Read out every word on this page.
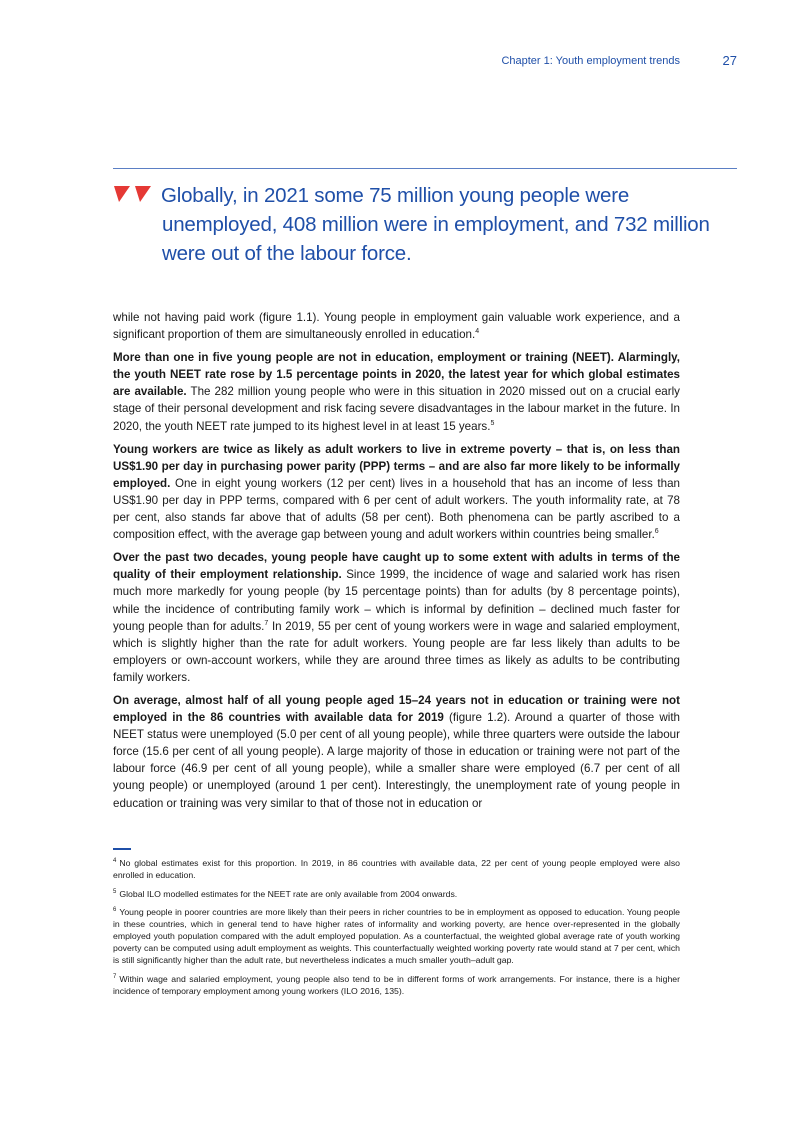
Chapter 1: Youth employment trends	27

Globally, in 2021 some 75 million young people were unemployed, 408 million were in employment, and 732 million were out of the labour force.

while not having paid work (figure 1.1). Young people in employment gain valuable work experience, and a significant proportion of them are simultaneously enrolled in education.$^4$

More than one in five young people are not in education, employment or training (NEET). Alarmingly, the youth NEET rate rose by 1.5 percentage points in 2020, the latest year for which global estimates are available. The 282 million young people who were in this situation in 2020 missed out on a crucial early stage of their personal development and risk facing severe disadvantages in the labour market in the future. In 2020, the youth NEET rate jumped to its highest level in at least 15 years.$^5$

Young workers are twice as likely as adult workers to live in extreme poverty – that is, on less than US$1.90 per day in purchasing power parity (PPP) terms – and are also far more likely to be informally employed. One in eight young workers (12 per cent) lives in a household that has an income of less than US$1.90 per day in PPP terms, compared with 6 per cent of adult workers. The youth informality rate, at 78 per cent, also stands far above that of adults (58 per cent). Both phenomena can be partly ascribed to a composition effect, with the average gap between young and adult workers within countries being smaller.$^6$

Over the past two decades, young people have caught up to some extent with adults in terms of the quality of their employment relationship. Since 1999, the incidence of wage and salaried work has risen much more markedly for young people (by 15 percentage points) than for adults (by 8 percentage points), while the incidence of contributing family work – which is informal by definition – declined much faster for young people than for adults.$^7$ In 2019, 55 per cent of young workers were in wage and salaried employment, which is slightly higher than the rate for adult workers. Young people are far less likely than adults to be employers or own-account workers, while they are around three times as likely as adults to be contributing family workers.

On average, almost half of all young people aged 15–24 years not in education or training were not employed in the 86 countries with available data for 2019 (figure 1.2). Around a quarter of those with NEET status were unemployed (5.0 per cent of all young people), while three quarters were outside the labour force (15.6 per cent of all young people). A large majority of those in education or training were not part of the labour force (46.9 per cent of all young people), while a smaller share were employed (6.7 per cent of all young people) or unemployed (around 1 per cent). Interestingly, the unemployment rate of young people in education or training was very similar to that of those not in education or

$^4$ No global estimates exist for this proportion. In 2019, in 86 countries with available data, 22 per cent of young people employed were also enrolled in education.

$^5$ Global ILO modelled estimates for the NEET rate are only available from 2004 onwards.

$^6$ Young people in poorer countries are more likely than their peers in richer countries to be in employment as opposed to education. Young people in these countries, which in general tend to have higher rates of informality and working poverty, are hence over-represented in the globally employed youth population compared with the adult employed population. As a counterfactual, the weighted global average rate of youth working poverty can be computed using adult employment as weights. This counterfactually weighted working poverty rate would stand at 7 per cent, which is still significantly higher than the adult rate, but nevertheless indicates a much smaller youth–adult gap.

$^7$ Within wage and salaried employment, young people also tend to be in different forms of work arrangements. For instance, there is a higher incidence of temporary employment among young workers (ILO 2016, 135).
